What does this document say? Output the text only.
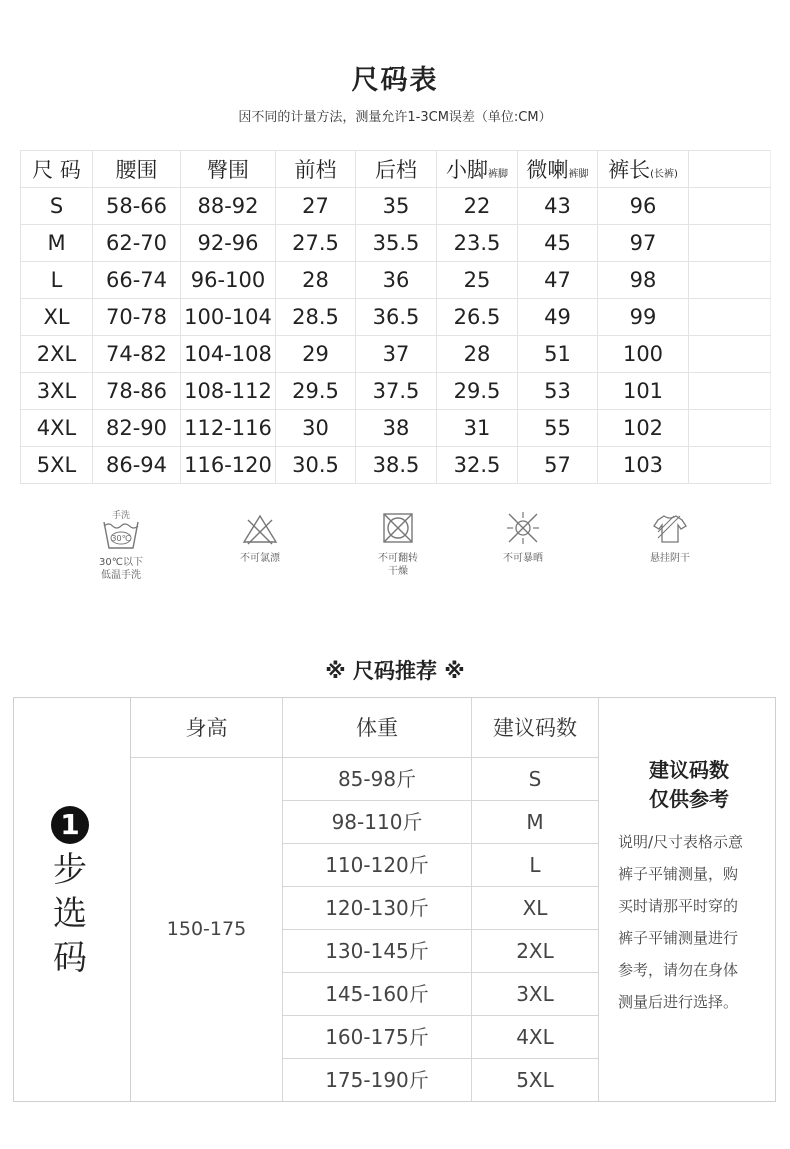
尺码表
因不同的计量方法，测量允许1-3CM误差（单位:CM）
尺 码	腰围	臀围	前档	后档	小脚裤脚	微喇裤脚	裤长(长裤)	
S	58-66	88-92	27	35	22	43	96	
M	62-70	92-96	27.5	35.5	23.5	45	97	
L	66-74	96-100	28	36	25	47	98	
XL	70-78	100-104	28.5	36.5	26.5	49	99	
2XL	74-82	104-108	29	37	28	51	100	
3XL	78-86	108-112	29.5	37.5	29.5	53	101	
4XL	82-90	112-116	30	38	31	55	102	
5XL	86-94	116-120	30.5	38.5	32.5	57	103	
手洗
30℃
30℃以下
低温手洗
不可氯漂	不可翻转
干燥
不可暴晒	悬挂阴干
※ 尺码推荐 ※
1
步
选
码
身高	体重	建议码数
150-175
85-98斤	S
98-110斤	M
110-120斤	L
120-130斤	XL
130-145斤	2XL
145-160斤	3XL
160-175斤	4XL
175-190斤	5XL
建议码数
仅供参考
说明/尺寸表格示意
裤子平铺测量，购
买时请那平时穿的
裤子平铺测量进行
参考，请勿在身体
测量后进行选择。
